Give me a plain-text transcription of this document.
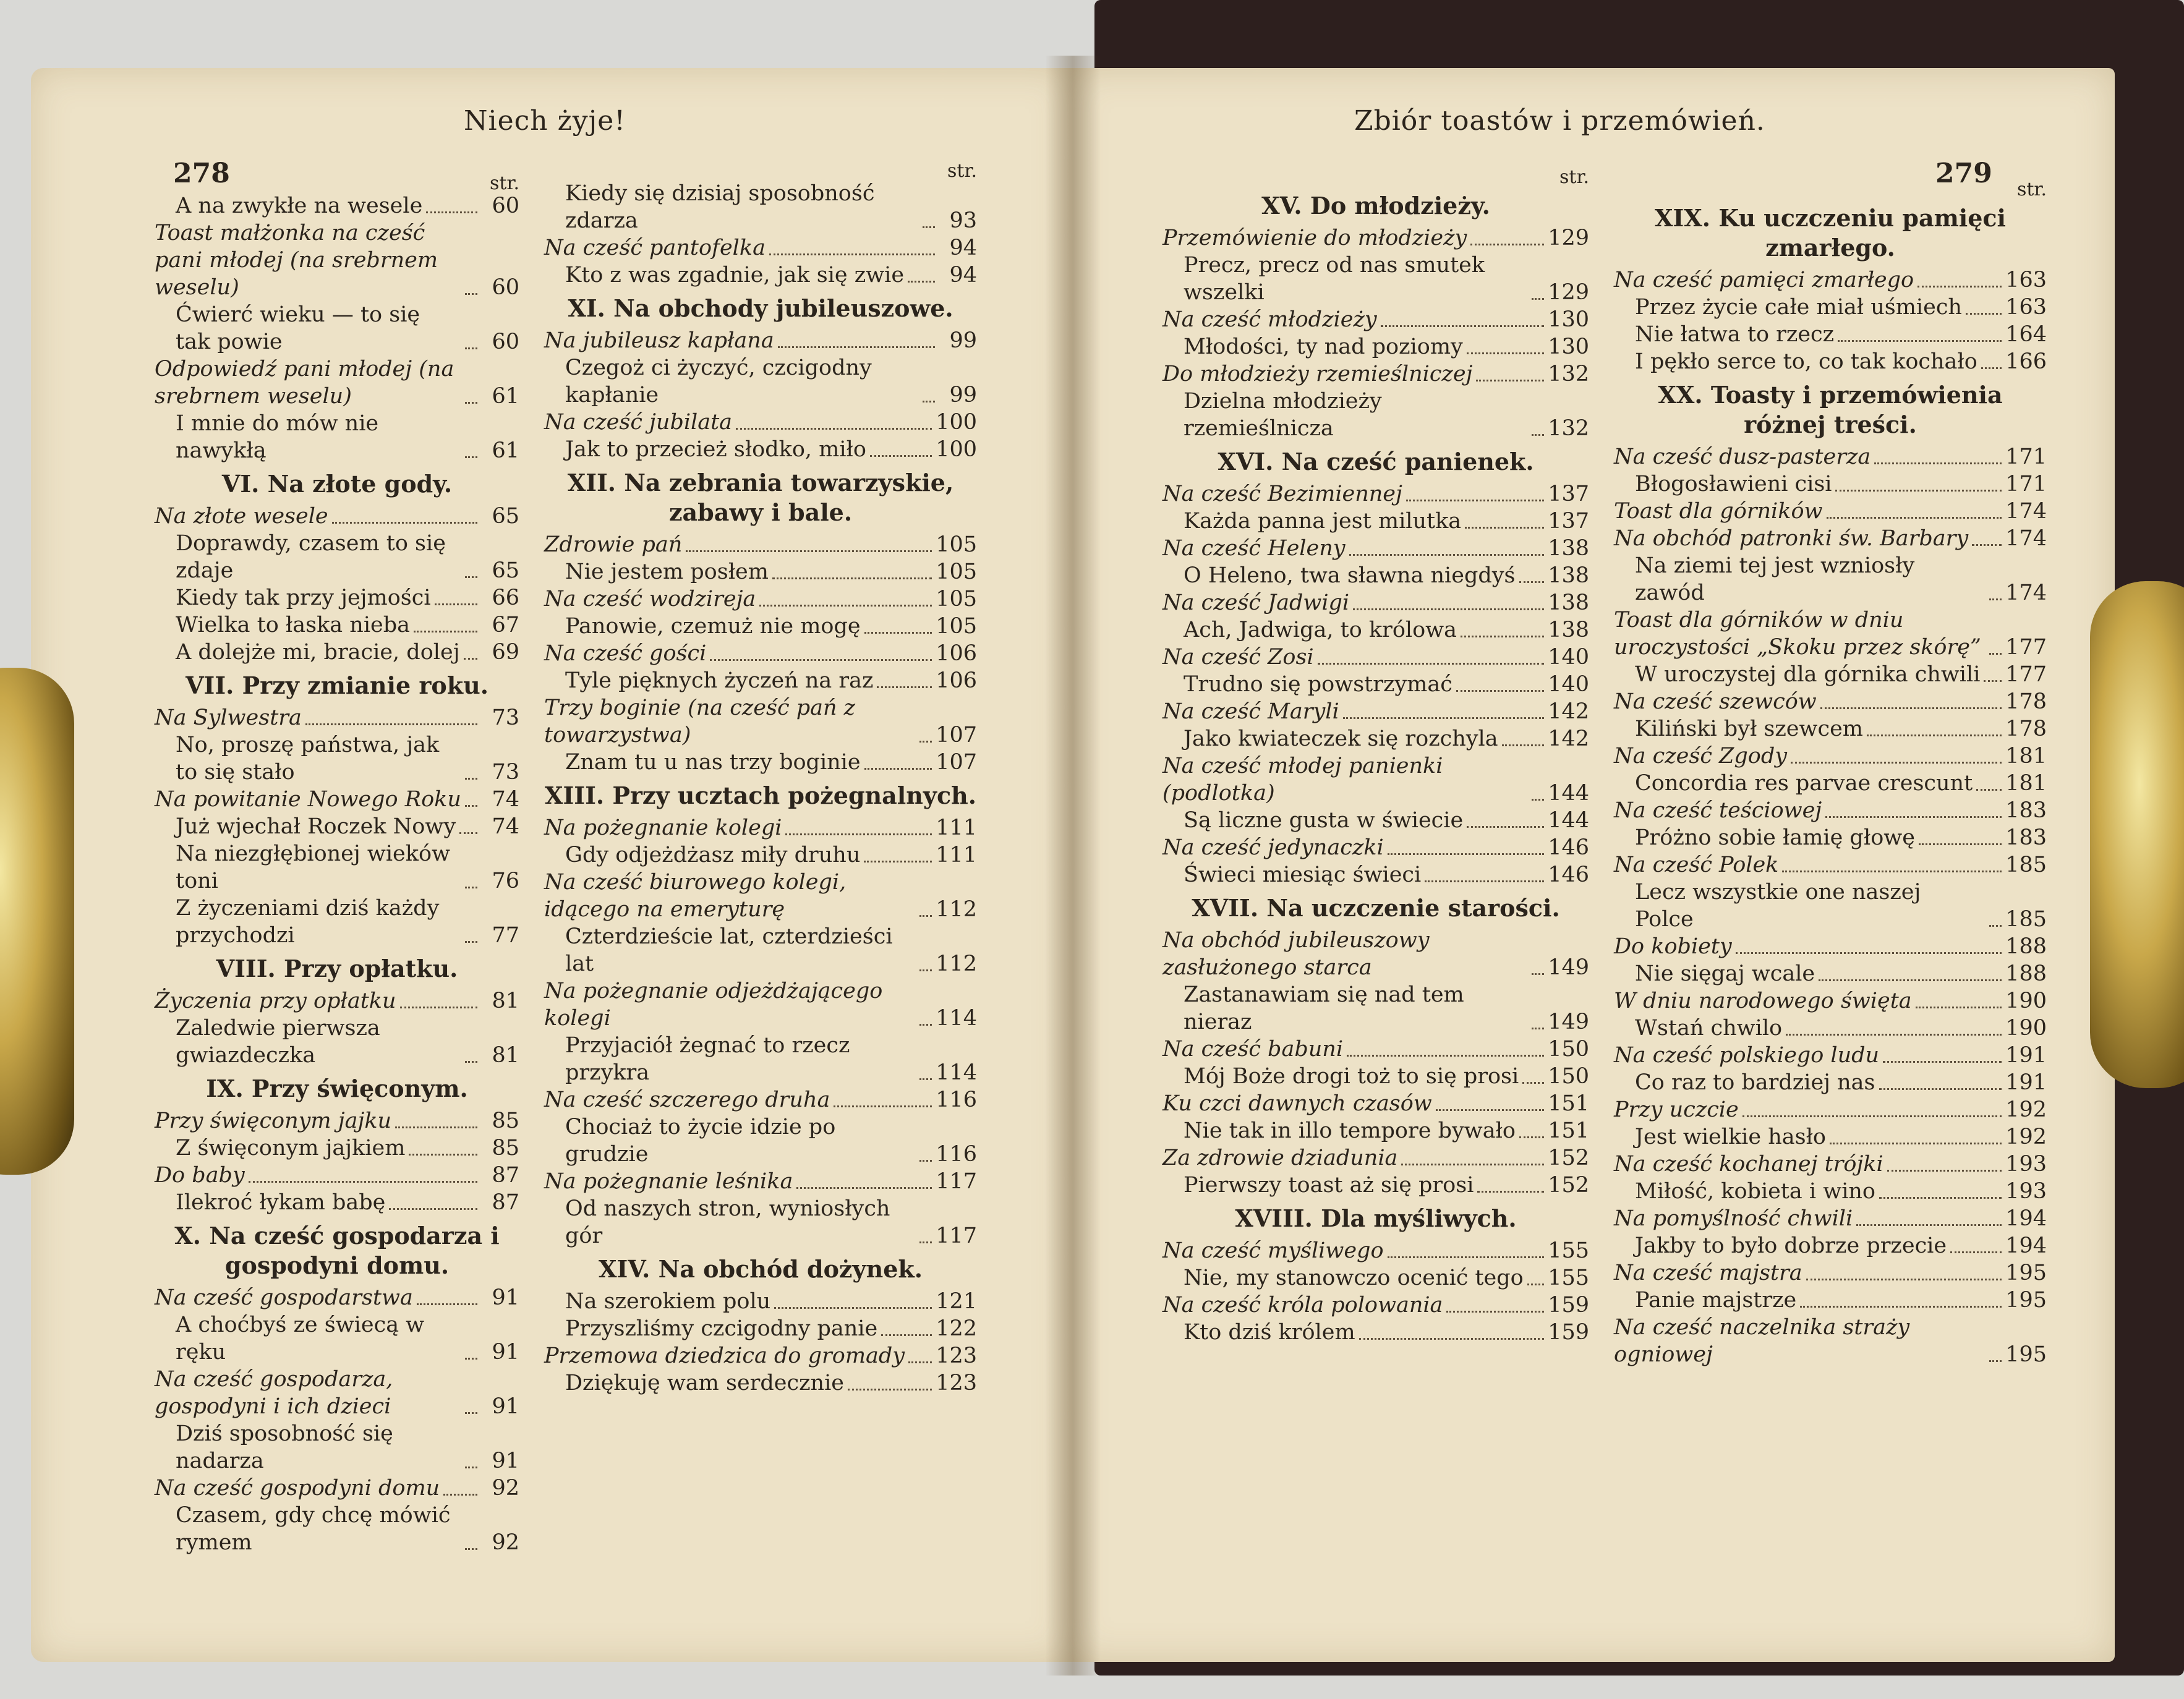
Niech żyje!
278
Zbiór toastów i przemówień.
279
str.
A na zwykłe na wesele	60
Toast małżonka na cześć pani młodej (na srebrnem weselu)	60
Ćwierć wieku — to się tak powie	60
Odpowiedź pani młodej (na srebrnem weselu)	61
I mnie do mów nie nawykłą	61
VI. Na złote gody.
Na złote wesele	65
Doprawdy, czasem to się zdaje	65
Kiedy tak przy jejmości	66
Wielka to łaska nieba	67
A dolejże mi, bracie, dolej	69
VII. Przy zmianie roku.
Na Sylwestra	73
No, proszę państwa, jak to się stało	73
Na powitanie Nowego Roku	74
Już wjechał Roczek Nowy	74
Na niezgłębionej wieków toni	76
Z życzeniami dziś każdy przychodzi	77
VIII. Przy opłatku.
Życzenia przy opłatku	81
Zaledwie pierwsza gwiazdeczka	81
IX. Przy święconym.
Przy święconym jajku	85
Z święconym jajkiem	85
Do baby	87
Ilekroć łykam babę	87
X. Na cześć gospodarza i gospodyni domu.
Na cześć gospodarstwa	91
A choćbyś ze świecą w ręku	91
Na cześć gospodarza, gospodyni i ich dzieci	91
Dziś sposobność się nadarza	91
Na cześć gospodyni domu	92
Czasem, gdy chcę mówić rymem	92
str.
Kiedy się dzisiaj sposobność zdarza	93
Na cześć pantofelka	94
Kto z was zgadnie, jak się zwie	94
XI. Na obchody jubileuszowe.
Na jubileusz kapłana	99
Czegoż ci życzyć, czcigodny kapłanie	99
Na cześć jubilata	100
Jak to przecież słodko, miło	100
XII. Na zebrania towarzyskie, zabawy i bale.
Zdrowie pań	105
Nie jestem posłem	105
Na cześć wodzireja	105
Panowie, czemuż nie mogę	105
Na cześć gości	106
Tyle pięknych życzeń na raz	106
Trzy boginie (na cześć pań z towarzystwa)	107
Znam tu u nas trzy boginie	107
XIII. Przy ucztach pożegnalnych.
Na pożegnanie kolegi	111
Gdy odjeżdżasz miły druhu	111
Na cześć biurowego kolegi, idącego na emeryturę	112
Czterdzieście lat, czterdzieści lat	112
Na pożegnanie odjeżdżającego kolegi	114
Przyjaciół żegnać to rzecz przykra	114
Na cześć szczerego druha	116
Chociaż to życie idzie po grudzie	116
Na pożegnanie leśnika	117
Od naszych stron, wyniosłych gór	117
XIV. Na obchód dożynek.
Na szerokiem polu	121
Przyszliśmy czcigodny panie	122
Przemowa dziedzica do gromady 123
Dziękuję wam serdecznie	123
str.
XV. Do młodzieży.
Przemówienie do młodzieży	129
Precz, precz od nas smutek wszelki	129
Na cześć młodzieży	130
Młodości, ty nad poziomy	130
Do młodzieży rzemieślniczej	132
Dzielna młodzieży rzemieślnicza	132
XVI. Na cześć panienek.
Na cześć Bezimiennej	137
Każda panna jest milutka	137
Na cześć Heleny	138
O Heleno, twa sławna niegdyś 138
Na cześć Jadwigi	138
Ach, Jadwiga, to królowa	138
Na cześć Zosi	140
Trudno się powstrzymać	140
Na cześć Maryli	142
Jako kwiateczek się rozchyla 142
Na cześć młodej panienki (podlotka)	144
Są liczne gusta w świecie	144
Na cześć jedynaczki	146
Świeci miesiąc świeci	146
XVII. Na uczczenie starości.
Na obchód jubileuszowy zasłużonego starca	149
Zastanawiam się nad tem nieraz	149
Na cześć babuni	150
Mój Boże drogi toż to się prosi 150
Ku czci dawnych czasów	151
Nie tak in illo tempore bywało 151
Za zdrowie dziadunia	152
Pierwszy toast aż się prosi	152
XVIII. Dla myśliwych.
Na cześć myśliwego	155
Nie, my stanowczo ocenić tego 155
Na cześć króla polowania	159
Kto dziś królem	159
str.
XIX. Ku uczczeniu pamięci zmarłego.
Na cześć pamięci zmarłego	163
Przez życie całe miał uśmiech 163
Nie łatwa to rzecz	164
I pękło serce to, co tak kochało 166
XX. Toasty i przemówienia różnej treści.
Na cześć dusz-pasterza	171
Błogosławieni cisi	171
Toast dla górników	174
Na obchód patronki św. Barbary 174
Na ziemi tej jest wzniosły zawód	174
Toast dla górników w dniu uroczystości „Skoku przez skórę” 177
W uroczystej dla górnika chwili 177
Na cześć szewców	178
Kiliński był szewcem	178
Na cześć Zgody	181
Concordia res parvae crescunt 181
Na cześć teściowej	183
Próżno sobie łamię głowę	183
Na cześć Polek	185
Lecz wszystkie one naszej Polce	185
Do kobiety	188
Nie sięgaj wcale	188
W dniu narodowego święta	190
Wstań chwilo	190
Na cześć polskiego ludu	191
Co raz to bardziej nas	191
Przy uczcie	192
Jest wielkie hasło	192
Na cześć kochanej trójki	193
Miłość, kobieta i wino	193
Na pomyślność chwili	194
Jakby to było dobrze przecie	194
Na cześć majstra	195
Panie majstrze	195
Na cześć naczelnika straży ogniowej	195
